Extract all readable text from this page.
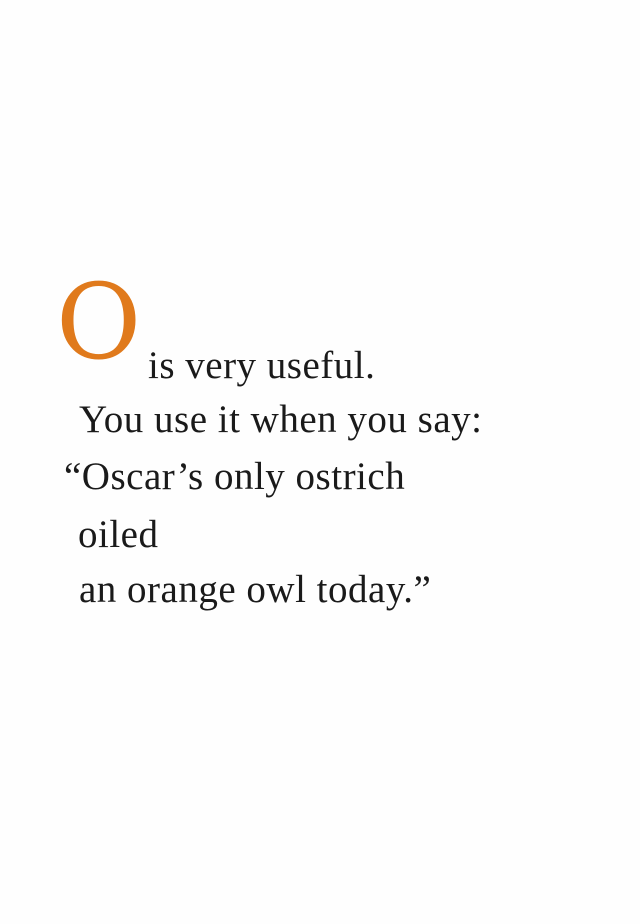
O is very useful.
You use it when you say:
“Oscar’s only ostrich
oiled
an orange owl today.”
